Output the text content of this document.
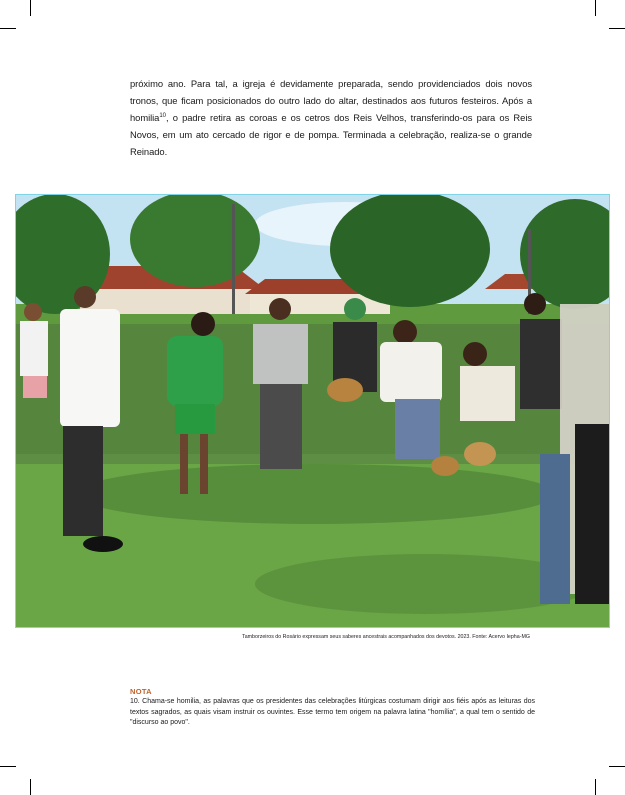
próximo ano. Para tal, a igreja é devidamente preparada, sendo providenciados dois novos tronos, que ficam posicionados do outro lado do altar, destinados aos futuros festeiros. Após a homilia$^{10}$, o padre retira as coroas e os cetros dos Reis Velhos, transferindo-os para os Reis Novos, em um ato cercado de rigor e de pompa. Terminada a celebração, realiza-se o grande Reinado.

Tamborzeiros do Rosário expressam seus saberes ancestrais acompanhados dos devotos. 2023. Fonte: Acervo Iepha-MG
NOTA

10. Chama-se homilia, as palavras que os presidentes das celebrações litúrgicas costumam dirigir aos fiéis após as leituras dos textos sagrados, as quais visam instruir os ouvintes. Esse termo tem origem na palavra latina "homília", a qual tem o sentido de "discurso ao povo".
